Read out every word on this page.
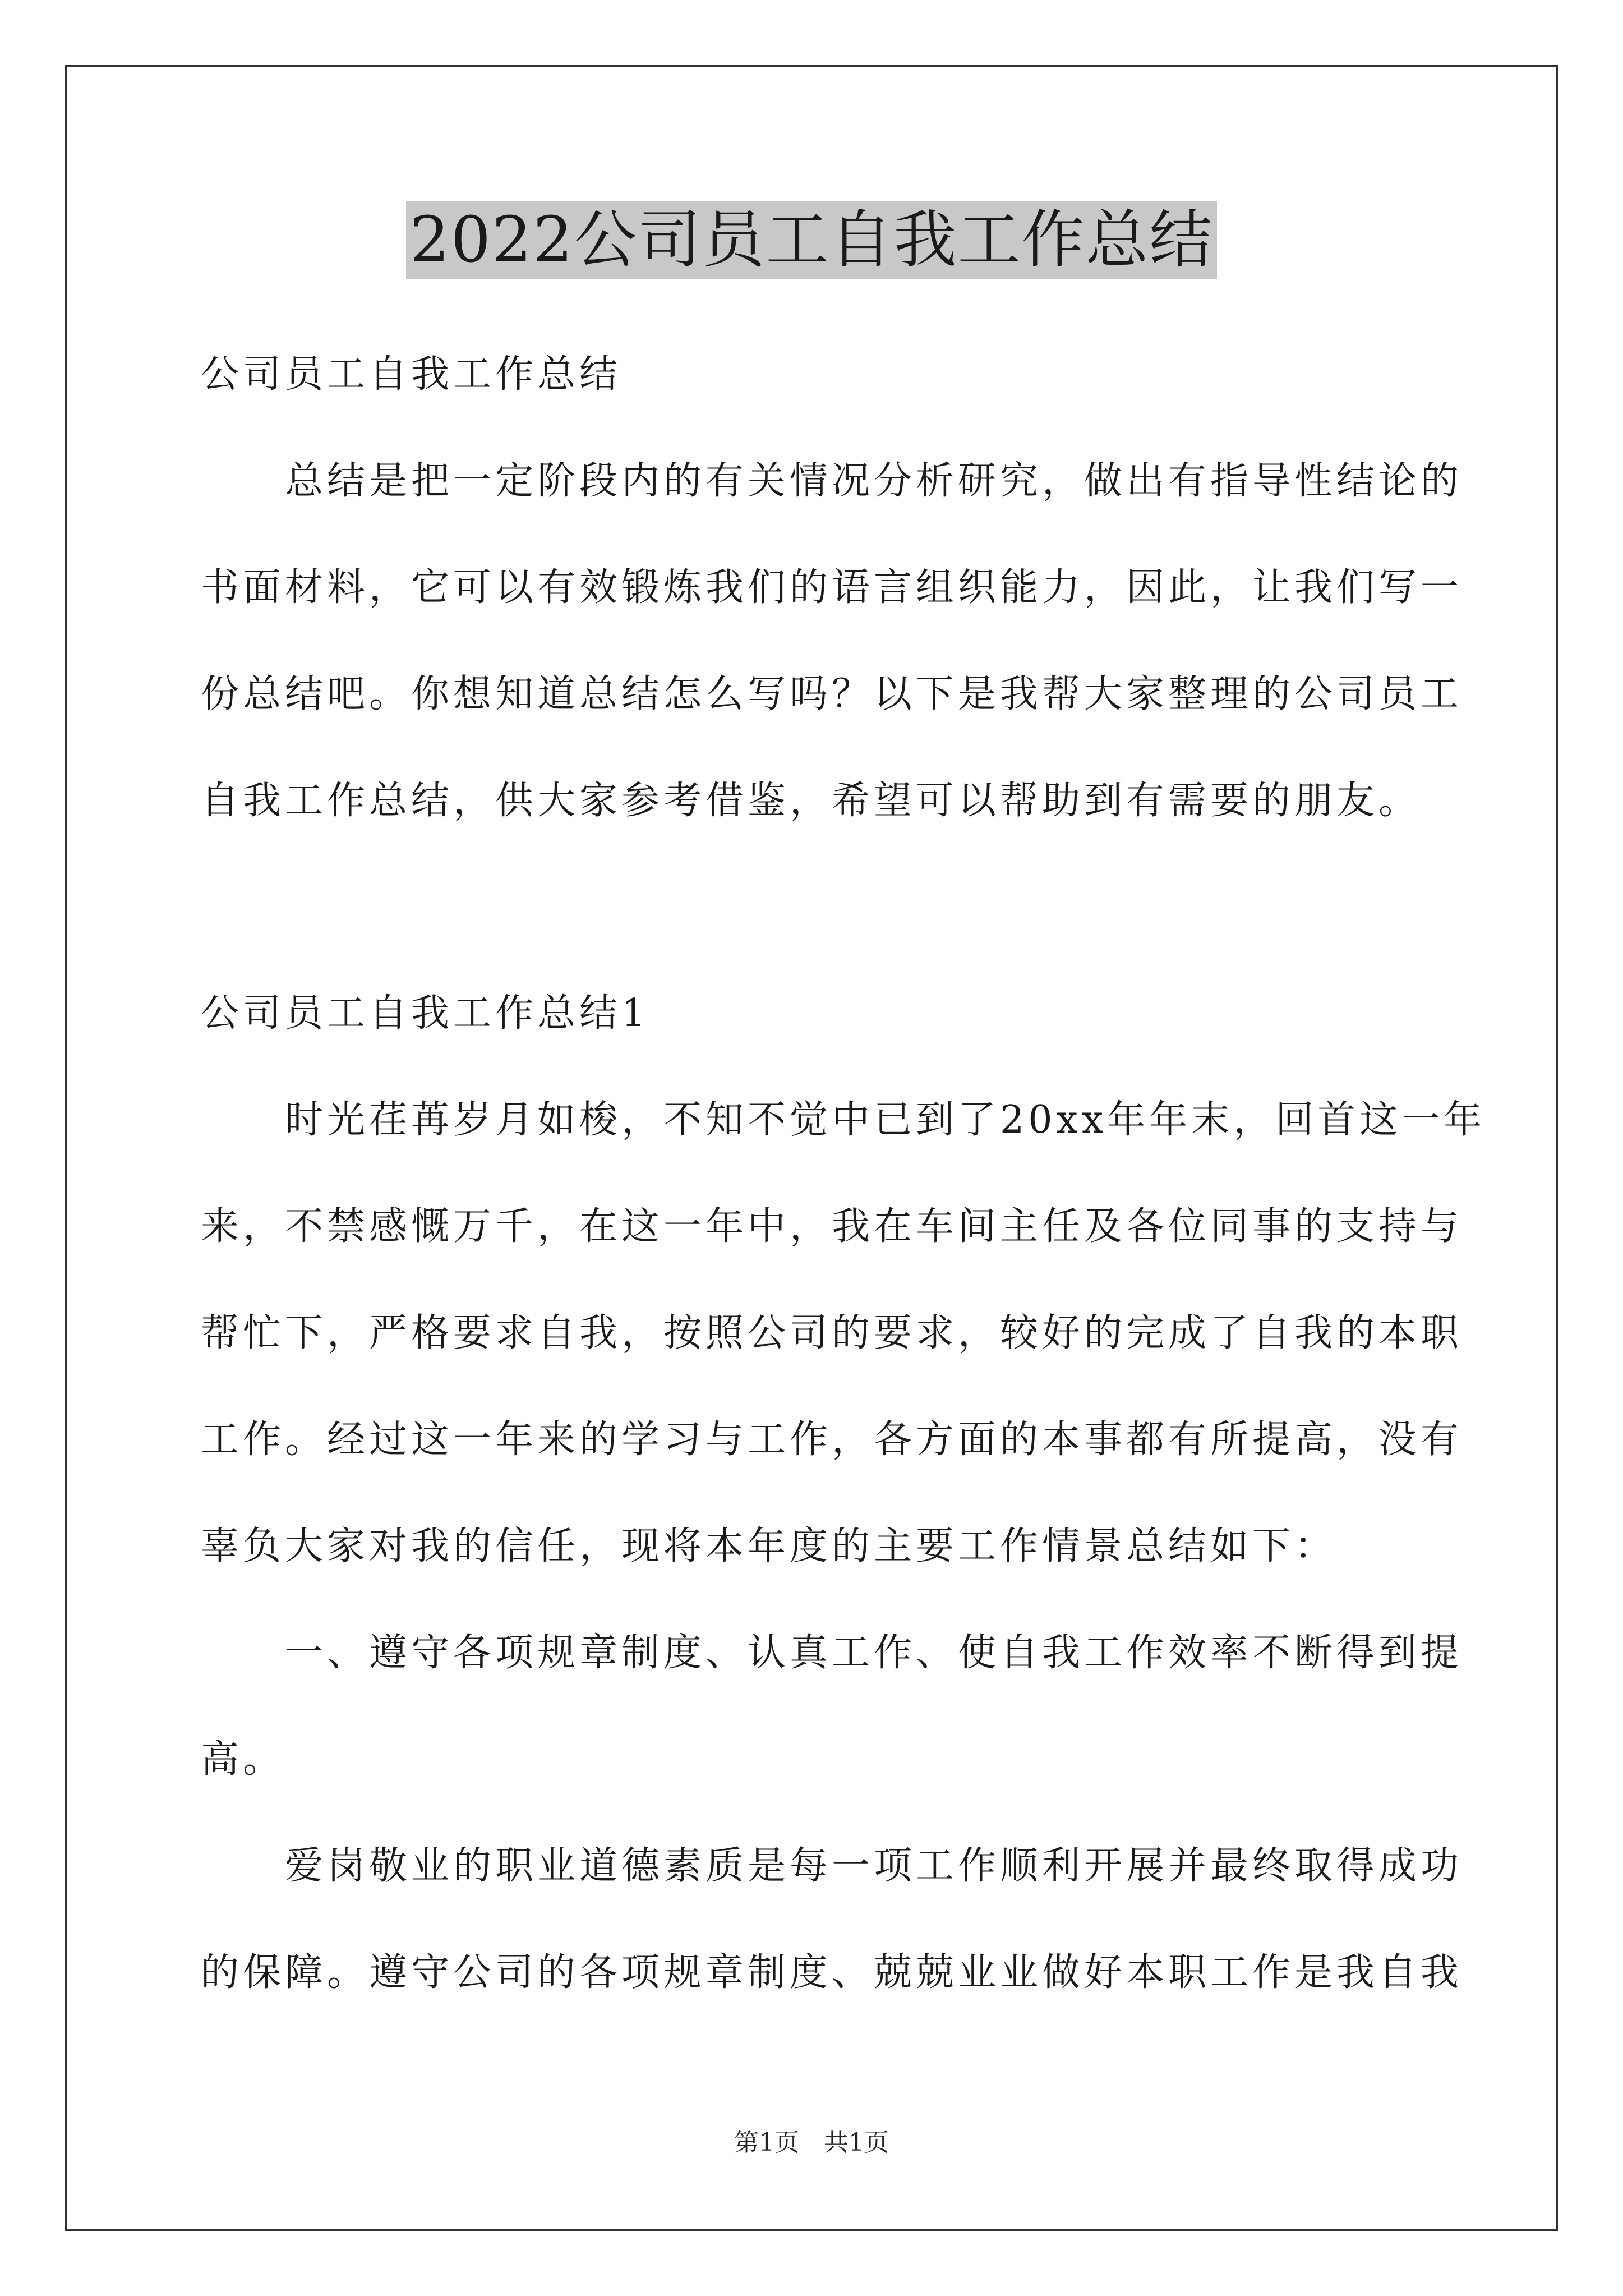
2022公司员工自我工作总结
公司员工自我工作总结
　　总结是把一定阶段内的有关情况分析研究，做出有指导性结论的
书面材料，它可以有效锻炼我们的语言组织能力，因此，让我们写一
份总结吧。你想知道总结怎么写吗？以下是我帮大家整理的公司员工
自我工作总结，供大家参考借鉴，希望可以帮助到有需要的朋友。
公司员工自我工作总结1
　　时光荏苒岁月如梭，不知不觉中已到了20xx年年末，回首这一年
来，不禁感慨万千，在这一年中，我在车间主任及各位同事的支持与
帮忙下，严格要求自我，按照公司的要求，较好的完成了自我的本职
工作。经过这一年来的学习与工作，各方面的本事都有所提高，没有
辜负大家对我的信任，现将本年度的主要工作情景总结如下：
　　一、遵守各项规章制度、认真工作、使自我工作效率不断得到提
高。
　　爱岗敬业的职业道德素质是每一项工作顺利开展并最终取得成功
的保障。遵守公司的各项规章制度、兢兢业业做好本职工作是我自我
第1页　共1页
